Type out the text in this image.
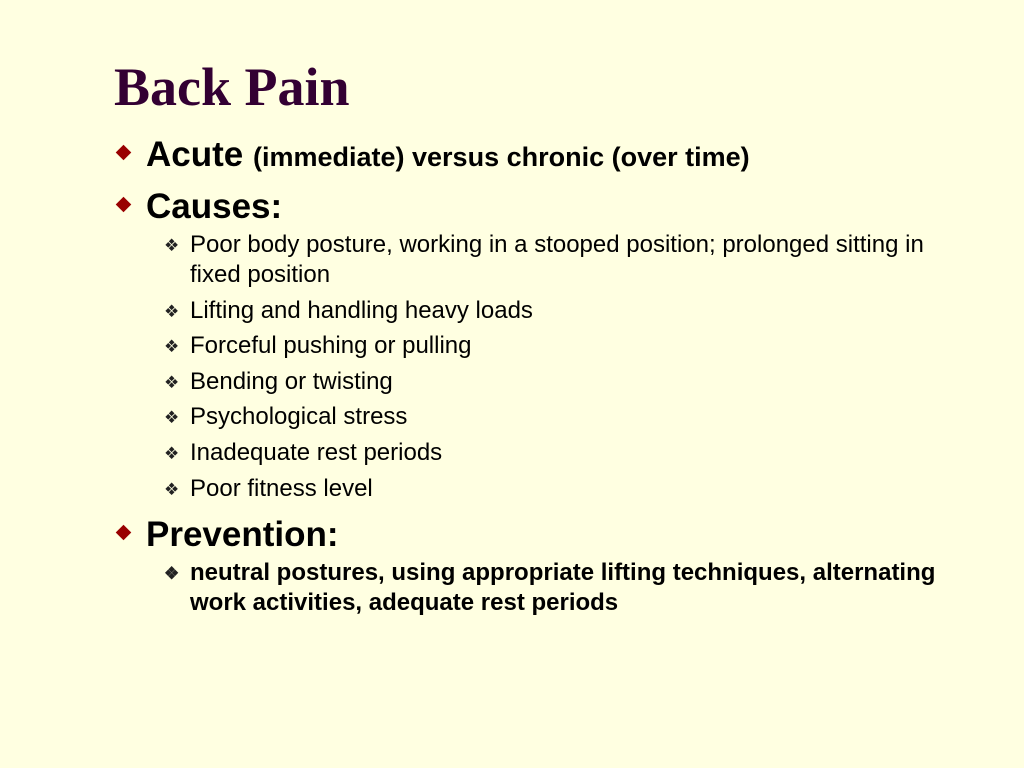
Back Pain
Acute (immediate) versus chronic (over time)
Causes:
❖ Poor body posture, working in a stooped position; prolonged sitting in fixed position
❖ Lifting and handling heavy loads
❖ Forceful pushing or pulling
❖ Bending or twisting
❖ Psychological stress
❖ Inadequate rest periods
❖ Poor fitness level
Prevention:
❖ neutral postures, using appropriate lifting techniques, alternating work activities, adequate rest periods
